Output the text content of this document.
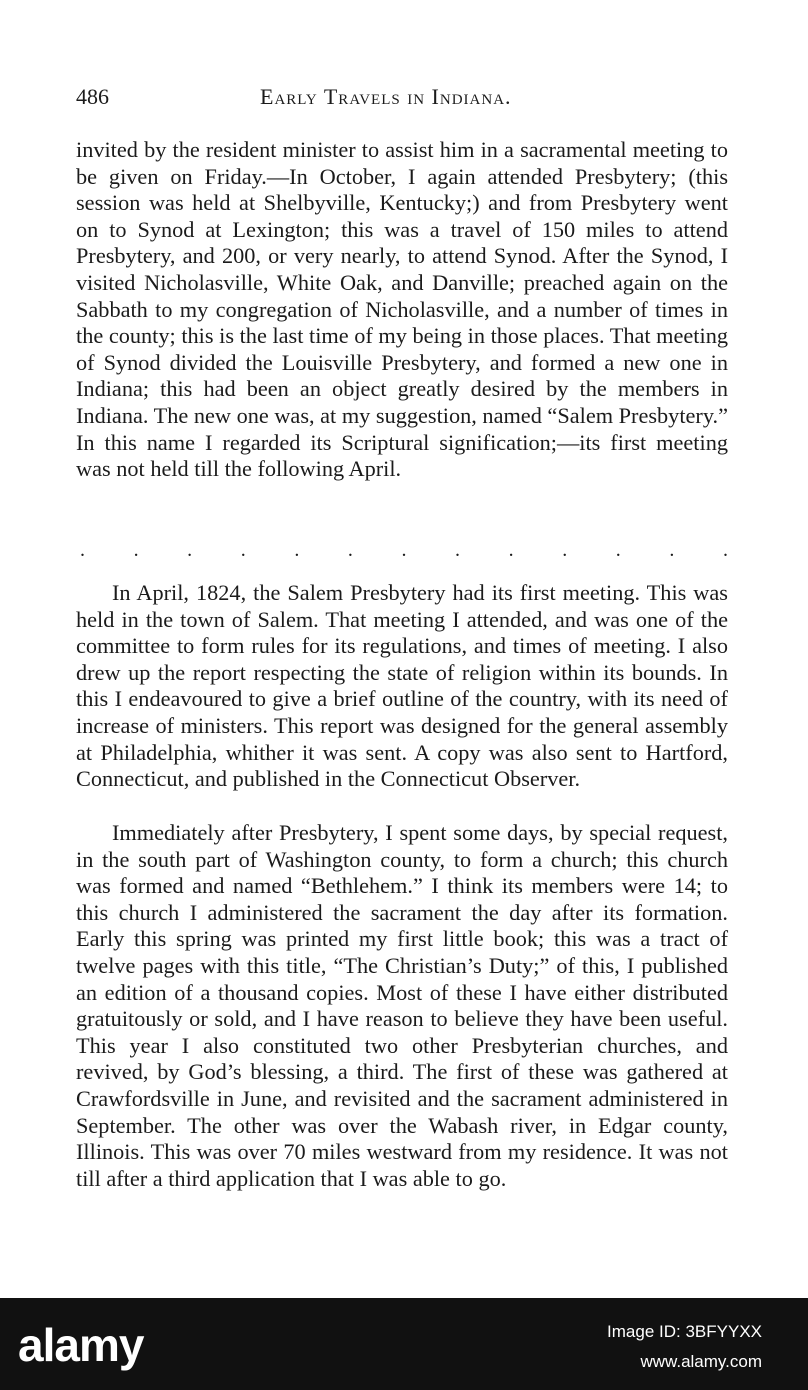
486	Early Travels in Indiana.

invited by the resident minister to assist him in a sacramental meeting to be given on Friday.—In October, I again attended Presbytery; (this session was held at Shelbyville, Kentucky;) and from Presbytery went on to Synod at Lexington; this was a travel of 150 miles to attend Presbytery, and 200, or very nearly, to attend Synod. After the Synod, I visited Nicholasville, White Oak, and Danville; preached again on the Sabbath to my congregation of Nicholasville, and a number of times in the county; this is the last time of my being in those places. That meeting of Synod divided the Louisville Presbytery, and formed a new one in Indiana; this had been an object greatly desired by the members in Indiana. The new one was, at my suggestion, named “Salem Presbytery.” In this name I regarded its Scriptural signification;—its first meeting was not held till the following April.

. . . . . . . . . . . . .

In April, 1824, the Salem Presbytery had its first meeting. This was held in the town of Salem. That meeting I attended, and was one of the committee to form rules for its regulations, and times of meeting. I also drew up the report respecting the state of religion within its bounds. In this I endeavoured to give a brief outline of the country, with its need of increase of ministers. This report was designed for the general assembly at Philadelphia, whither it was sent. A copy was also sent to Hartford, Connecticut, and published in the Connecticut Observer.

Immediately after Presbytery, I spent some days, by special request, in the south part of Washington county, to form a church; this church was formed and named “Bethlehem.” I think its members were 14; to this church I administered the sacrament the day after its formation. Early this spring was printed my first little book; this was a tract of twelve pages with this title, “The Christian’s Duty;” of this, I published an edition of a thousand copies. Most of these I have either distributed gratuitously or sold, and I have reason to believe they have been useful. This year I also constituted two other Presbyterian churches, and revived, by God’s blessing, a third. The first of these was gathered at Crawfordsville in June, and revisited and the sacrament administered in September. The other was over the Wabash river, in Edgar county, Illinois. This was over 70 miles westward from my residence. It was not till after a third application that I was able to go.

alamy	Image ID: 3BFYYXX
www.alamy.com
